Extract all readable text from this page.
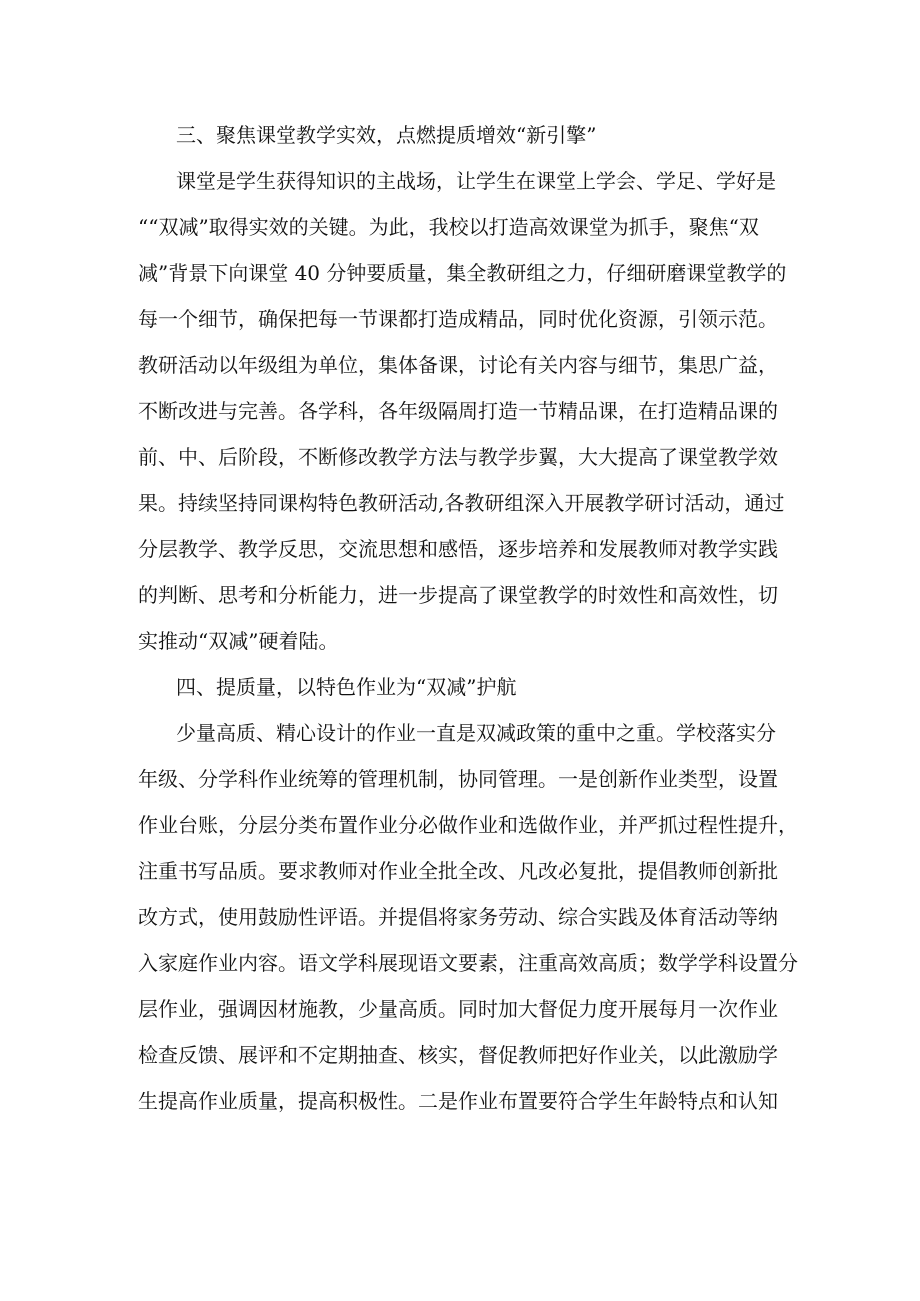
三、聚焦课堂教学实效，点燃提质增效“新引擎”

课堂是学生获得知识的主战场，让学生在课堂上学会、学足、学好是

““双减”取得实效的关键。为此，我校以打造高效课堂为抓手，聚焦“双

减”背景下向课堂 40 分钟要质量，集全教研组之力，仔细研磨课堂教学的

每一个细节，确保把每一节课都打造成精品，同时优化资源，引领示范。

教研活动以年级组为单位，集体备课，讨论有关内容与细节，集思广益，

不断改进与完善。各学科，各年级隔周打造一节精品课，在打造精品课的

前、中、后阶段，不断修改教学方法与教学步翼，大大提高了课堂教学效

果。持续坚持同课构特色教研活动,各教研组深入开展教学研讨活动，通过

分层教学、教学反思，交流思想和感悟，逐步培养和发展教师对教学实践

的判断、思考和分析能力，进一步提高了课堂教学的时效性和高效性，切

实推动“双减”硬着陆。

四、提质量，以特色作业为“双减”护航

少量高质、精心设计的作业一直是双减政策的重中之重。学校落实分

年级、分学科作业统筹的管理机制，协同管理。一是创新作业类型，设置

作业台账，分层分类布置作业分必做作业和选做作业，并严抓过程性提升，

注重书写品质。要求教师对作业全批全改、凡改必复批，提倡教师创新批

改方式，使用鼓励性评语。并提倡将家务劳动、综合实践及体育活动等纳

入家庭作业内容。语文学科展现语文要素，注重高效高质；数学学科设置分

层作业，强调因材施教，少量高质。同时加大督促力度开展每月一次作业

检查反馈、展评和不定期抽查、核实，督促教师把好作业关，以此激励学

生提高作业质量，提高积极性。二是作业布置要符合学生年龄特点和认知
